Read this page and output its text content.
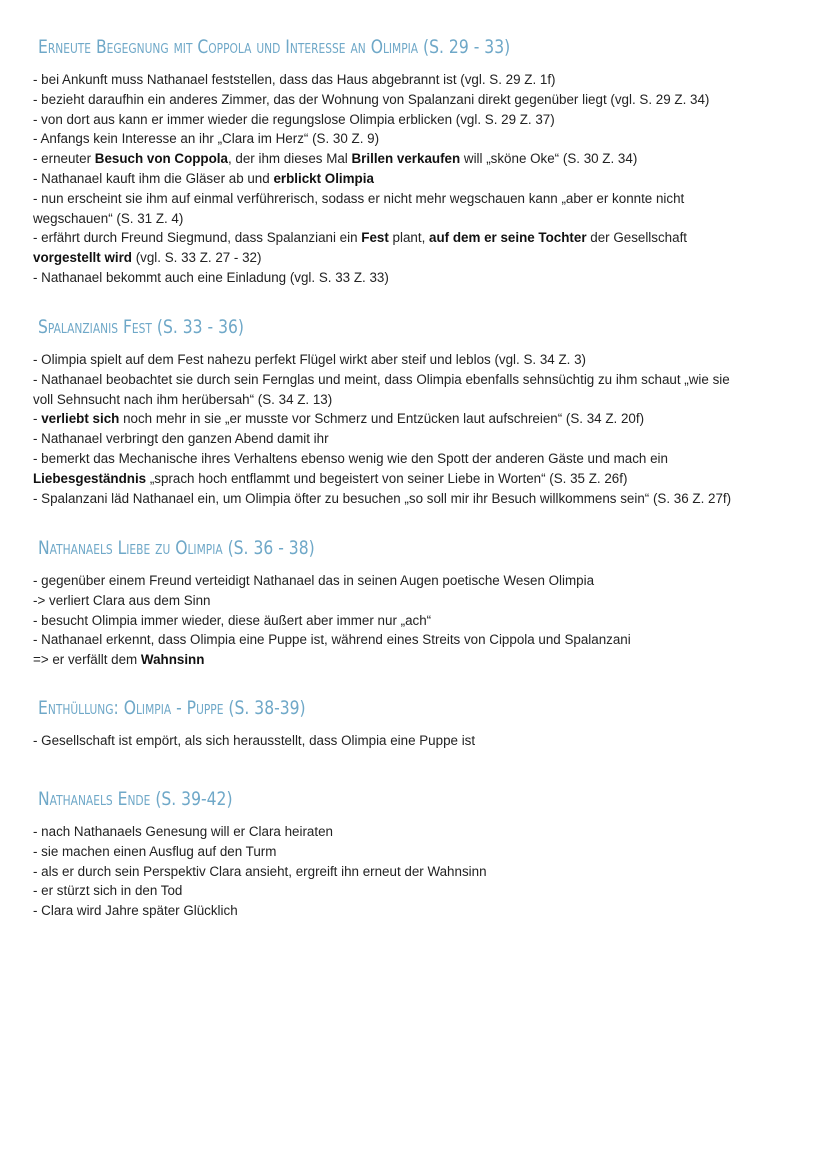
Erneute Begegnung mit Coppola und Interesse an Olimpia (S. 29 - 33)
- bei Ankunft muss Nathanael feststellen, dass das Haus abgebrannt ist (vgl. S. 29 Z. 1f)
- bezieht daraufhin ein anderes Zimmer, das der Wohnung von Spalanzani direkt gegenüber liegt (vgl. S. 29 Z. 34)
- von dort aus kann er immer wieder die regungslose Olimpia erblicken (vgl. S. 29 Z. 37)
- Anfangs kein Interesse an ihr „Clara im Herz“ (S. 30 Z. 9)
- erneuter Besuch von Coppola, der ihm dieses Mal Brillen verkaufen will „sköne Oke“ (S. 30 Z. 34)
- Nathanael kauft ihm die Gläser ab und erblickt Olimpia
- nun erscheint sie ihm auf einmal verführerisch, sodass er nicht mehr wegschauen kann „aber er konnte nicht
wegschauen“ (S. 31 Z. 4)
- erfährt durch Freund Siegmund, dass Spalanziani ein Fest plant, auf dem er seine Tochter der Gesellschaft
vorgestellt wird (vgl. S. 33 Z. 27 - 32)
- Nathanael bekommt auch eine Einladung (vgl. S. 33 Z. 33)
Spalanzianis Fest (S. 33 - 36)
- Olimpia spielt auf dem Fest nahezu perfekt Flügel wirkt aber steif und leblos (vgl. S. 34 Z. 3)
- Nathanael beobachtet sie durch sein Fernglas und meint, dass Olimpia ebenfalls sehnsüchtig zu ihm schaut „wie sie
voll Sehnsucht nach ihm herübersah“ (S. 34 Z. 13)
- verliebt sich noch mehr in sie „er musste vor Schmerz und Entzücken laut aufschreien“ (S. 34 Z. 20f)
- Nathanael verbringt den ganzen Abend damit ihr
- bemerkt das Mechanische ihres Verhaltens ebenso wenig wie den Spott der anderen Gäste und mach ein
Liebesgeständnis „sprach hoch entflammt und begeistert von seiner Liebe in Worten“ (S. 35 Z. 26f)
- Spalanzani läd Nathanael ein, um Olimpia öfter zu besuchen „so soll mir ihr Besuch willkommens sein“ (S. 36 Z. 27f)
Nathanaels Liebe zu Olimpia (S. 36 - 38)
- gegenüber einem Freund verteidigt Nathanael das in seinen Augen poetische Wesen Olimpia
-> verliert Clara aus dem Sinn
- besucht Olimpia immer wieder, diese äußert aber immer nur „ach“
- Nathanael erkennt, dass Olimpia eine Puppe ist, während eines Streits von Cippola und Spalanzani
=> er verfällt dem Wahnsinn
Enthüllung: Olimpia - Puppe (S. 38-39)
- Gesellschaft ist empört, als sich herausstellt, dass Olimpia eine Puppe ist
Nathanaels Ende (S. 39-42)
- nach Nathanaels Genesung will er Clara heiraten
- sie machen einen Ausflug auf den Turm
- als er durch sein Perspektiv Clara ansieht, ergreift ihn erneut der Wahnsinn
- er stürzt sich in den Tod
- Clara wird Jahre später Glücklich
